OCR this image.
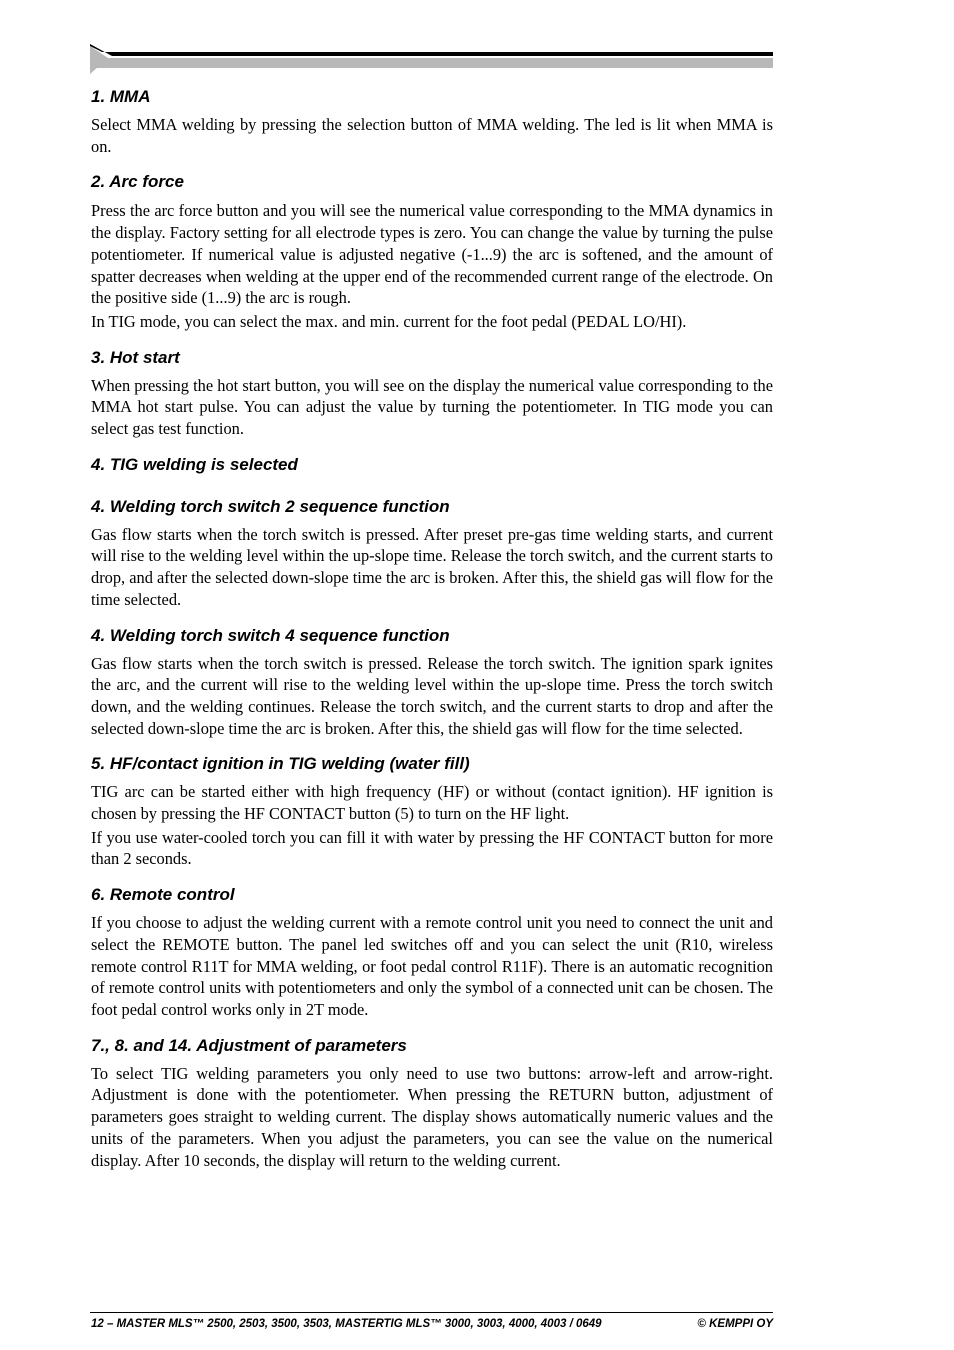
1. MMA

Select MMA welding by pressing the selection button of MMA welding. The led is lit when MMA is on.

2. Arc force

Press the arc force button and you will see the numerical value corresponding to the MMA dynamics in the display. Factory setting for all electrode types is zero. You can change the value by turning the pulse potentiometer. If numerical value is adjusted negative (-1...9) the arc is softened, and the amount of spatter decreases when welding at the upper end of the recommended current range of the electrode. On the positive side (1...9) the arc is rough.

In TIG mode, you can select the max. and min. current for the foot pedal (PEDAL LO/HI).

3. Hot start

When pressing the hot start button, you will see on the display the numerical value corresponding to the MMA hot start pulse. You can adjust the value by turning the potentiometer. In TIG mode you can select gas test function.

4. TIG welding is selected
4. Welding torch switch 2 sequence function

Gas flow starts when the torch switch is pressed. After preset pre-gas time welding starts, and current will rise to the welding level within the up-slope time. Release the torch switch, and the current starts to drop, and after the selected down-slope time the arc is broken. After this, the shield gas will flow for the time selected.

4. Welding torch switch 4 sequence function

Gas flow starts when the torch switch is pressed. Release the torch switch. The ignition spark ignites the arc, and the current will rise to the welding level within the up-slope time. Press the torch switch down, and the welding continues. Release the torch switch, and the current starts to drop and after the selected down-slope time the arc is broken. After this, the shield gas will flow for the time selected.

5. HF/contact ignition in TIG welding (water fill)

TIG arc can be started either with high frequency (HF) or without (contact ignition). HF ignition is chosen by pressing the HF CONTACT button (5) to turn on the HF light.

If you use water-cooled torch you can fill it with water by pressing the HF CONTACT button for more than 2 seconds.

6. Remote control

If you choose to adjust the welding current with a remote control unit you need to connect the unit and select the REMOTE button. The panel led switches off and you can select the unit (R10, wireless remote control R11T for MMA welding, or foot pedal control R11F). There is an automatic recognition of remote control units with potentiometers and only the symbol of a connected unit can be chosen. The foot pedal control works only in 2T mode.

7., 8. and 14. Adjustment of parameters

To select TIG welding parameters you only need to use two buttons: arrow-left and arrow-right. Adjustment is done with the potentiometer. When pressing the RETURN button, adjustment of parameters goes straight to welding current. The display shows automatically numeric values and the units of the parameters. When you adjust the parameters, you can see the value on the numerical display. After 10 seconds, the display will return to the welding current.

12 – MASTER MLS™ 2500, 2503, 3500, 3503, MASTERTIG MLS™ 3000, 3003, 4000, 4003 / 0649	© KEMPPI OY
